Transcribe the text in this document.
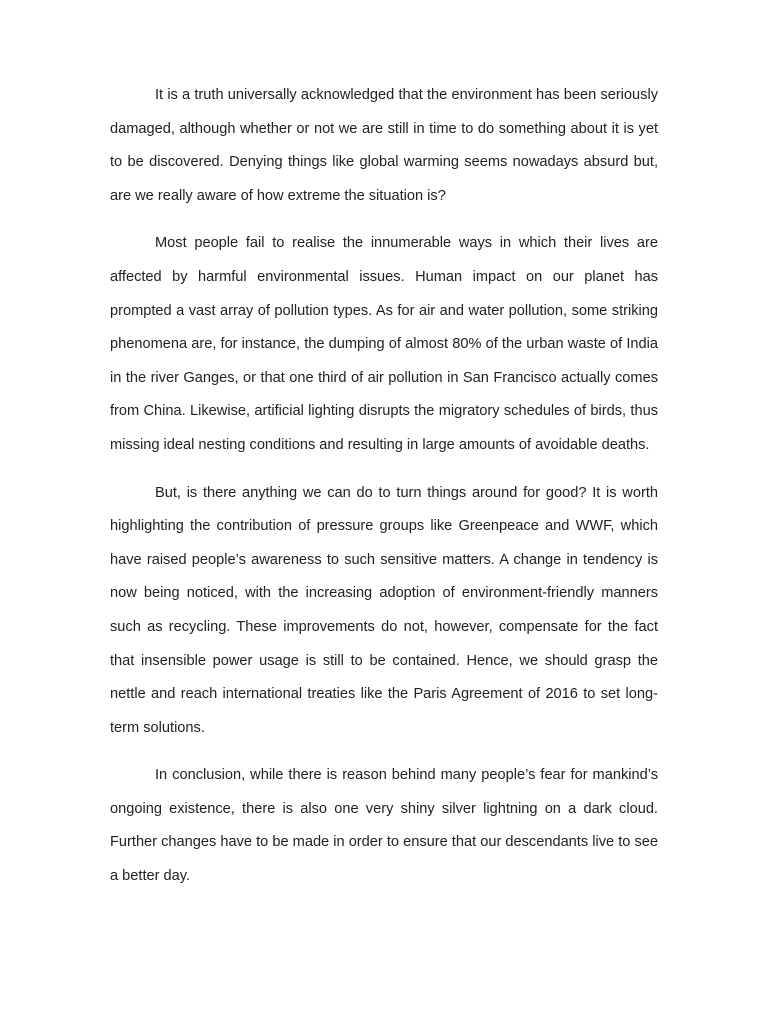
It is a truth universally acknowledged that the environment has been seriously damaged, although whether or not we are still in time to do something about it is yet to be discovered. Denying things like global warming seems nowadays absurd but, are we really aware of how extreme the situation is?

Most people fail to realise the innumerable ways in which their lives are affected by harmful environmental issues. Human impact on our planet has prompted a vast array of pollution types. As for air and water pollution, some striking phenomena are, for instance, the dumping of almost 80% of the urban waste of India in the river Ganges, or that one third of air pollution in San Francisco actually comes from China. Likewise, artificial lighting disrupts the migratory schedules of birds, thus missing ideal nesting conditions and resulting in large amounts of avoidable deaths.

But, is there anything we can do to turn things around for good? It is worth highlighting the contribution of pressure groups like Greenpeace and WWF, which have raised people’s awareness to such sensitive matters. A change in tendency is now being noticed, with the increasing adoption of environment-friendly manners such as recycling. These improvements do not, however, compensate for the fact that insensible power usage is still to be contained. Hence, we should grasp the nettle and reach international treaties like the Paris Agreement of 2016 to set long-term solutions.

In conclusion, while there is reason behind many people’s fear for mankind’s ongoing existence, there is also one very shiny silver lightning on a dark cloud. Further changes have to be made in order to ensure that our descendants live to see a better day.
